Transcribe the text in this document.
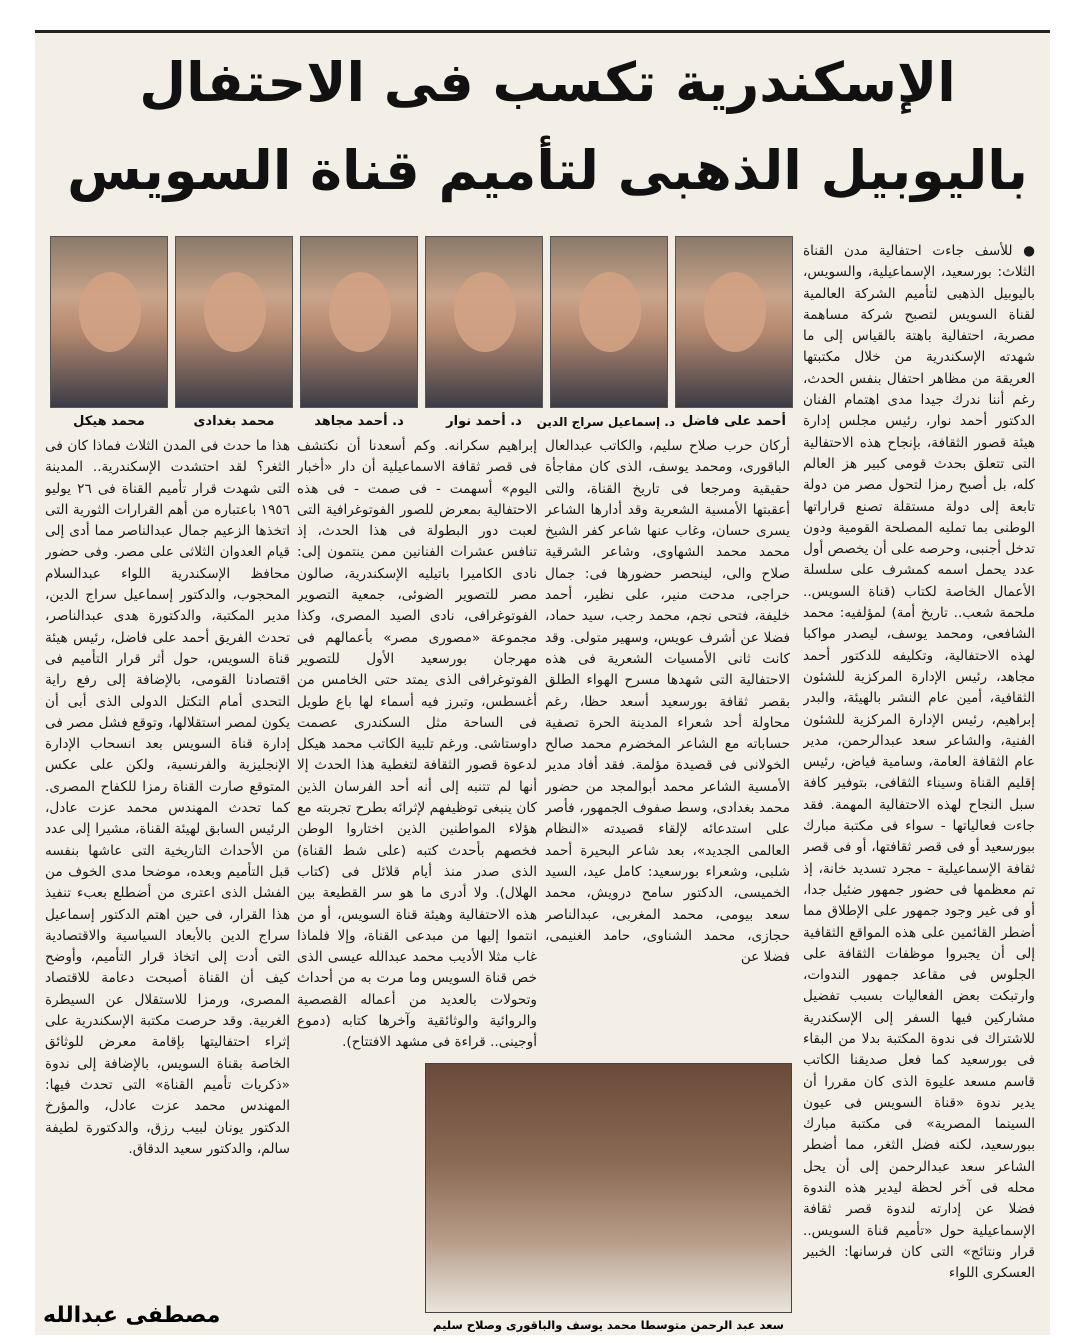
الإسكندرية تكسب فى الاحتفال
باليوبيل الذهبى لتأميم قناة السويس
أحمد على فاضل
د. إسماعيل سراج الدين
د. أحمد نوار
د. أحمد مجاهد
محمد بغدادى
محمد هيكل
● للأسف جاءت احتفالية مدن القناة الثلاث: بورسعيد، الإسماعيلية، والسويس، باليوبيل الذهبى لتأميم الشركة العالمية لقناة السويس لتصبح شركة مساهمة مصرية، احتفالية باهتة بالقياس إلى ما شهدته الإسكندرية من خلال مكتبتها العريقة من مظاهر احتفال بنفس الحدث، رغم أننا ندرك جيدا مدى اهتمام الفنان الدكتور أحمد نوار، رئيس مجلس إدارة هيئة قصور الثقافة، بإنجاح هذه الاحتفالية التى تتعلق بحدث قومى كبير هز العالم كله، بل أصبح رمزا لتحول مصر من دولة تابعة إلى دولة مستقلة تصنع قراراتها الوطنى بما تمليه المصلحة القومية ودون تدخل أجنبى، وحرصه على أن يخصص أول عدد يحمل اسمه كمشرف على سلسلة الأعمال الخاصة لكتاب (قناة السويس.. ملحمة شعب.. تاريخ أمة) لمؤلفيه: محمد الشافعى، ومحمد يوسف، ليصدر مواكبا لهذه الاحتفالية، وتكليفه للدكتور أحمد مجاهد، رئيس الإدارة المركزية للشئون الثقافية، أمين عام النشر بالهيئة، والبدر إبراهيم، رئيس الإدارة المركزية للشئون الفنية، والشاعر سعد عبدالرحمن، مدير عام الثقافة العامة، وسامية فياض، رئيس إقليم القناة وسيناء الثقافى، بتوفير كافة سبل النجاح لهذه الاحتفالية المهمة. فقد جاءت فعالياتها - سواء فى مكتبة مبارك ببورسعيد أو فى قصر ثقافتها، أو فى قصر ثقافة الإسماعيلية - مجرد تسديد خانة، إذ تم معظمها فى حضور جمهور ضئيل جدا، أو فى غير وجود جمهور على الإطلاق مما أضطر القائمين على هذه المواقع الثقافية إلى أن يجبروا موظفات الثقافة على الجلوس فى مقاعد جمهور الندوات، وارتبكت بعض الفعاليات بسبب تفضيل مشاركين فيها السفر إلى الإسكندرية للاشتراك فى ندوة المكتبة بدلا من البقاء فى بورسعيد كما فعل صديقنا الكاتب قاسم مسعد عليوة الذى كان مقررا أن يدير ندوة «قناة السويس فى عيون السينما المصرية» فى مكتبة مبارك ببورسعيد، لكنه فضل الثغر، مما أضطر الشاعر سعد عبدالرحمن إلى أن يحل محله فى آخر لحظة ليدير هذه الندوة فضلا عن إدارته لندوة قصر ثقافة الإسماعيلية حول «تأميم قناة السويس.. قرار ونتائج» التى كان فرسانها: الخبير العسكرى اللواء
أركان حرب صلاح سليم، والكاتب عبدالعال الباقورى، ومحمد يوسف، الذى كان مفاجأة حقيقية ومرجعا فى تاريخ القناة، والتى أعقبتها الأمسية الشعرية وقد أدارها الشاعر يسرى حسان، وغاب عنها شاعر كفر الشيخ محمد محمد الشهاوى، وشاعر الشرقية صلاح والى، لينحصر حضورها فى: جمال حراجى، مدحت منير، على نظير، أحمد خليفة، فتحى نجم، محمد رجب، سيد حماد، فضلا عن أشرف عويس، وسهير متولى. وقد كانت ثانى الأمسيات الشعرية فى هذه الاحتفالية التى شهدها مسرح الهواء الطلق بقصر ثقافة بورسعيد أسعد حظا، رغم محاولة أحد شعراء المدينة الحرة تصفية حساباته مع الشاعر المخضرم محمد صالح الخولانى فى قصيدة مؤلمة. فقد أفاد مدير الأمسية الشاعر محمد أبوالمجد من حضور محمد بغدادى، وسط صفوف الجمهور، فأصر على استدعائه لإلقاء قصيدته «النظام العالمى الجديد»، بعد شاعر البحيرة أحمد شلبى، وشعراء بورسعيد: كامل عيد، السيد الخميسى، الدكتور سامح درويش، محمد سعد بيومى، محمد المغربى، عبدالناصر حجازى، محمد الشناوى، حامد الغنيمى، فضلا عن
إبراهيم سكرانه. وكم أسعدنا أن نكتشف فى قصر ثقافة الاسماعيلية أن دار «أخبار اليوم» أسهمت - فى صمت - فى هذه الاحتفالية بمعرض للصور الفوتوغرافية التى لعبت دور البطولة فى هذا الحدث، إذ تنافس عشرات الفنانين ممن ينتمون إلى: نادى الكاميرا باتيليه الإسكندرية، صالون مصر للتصوير الضوئى، جمعية التصوير الفوتوغرافى، نادى الصيد المصرى، وكذا مجموعة «مصورى مصر» بأعمالهم فى مهرجان بورسعيد الأول للتصوير الفوتوغرافى الذى يمتد حتى الخامس من أغسطس، وتبرز فيه أسماء لها باع طويل فى الساحة مثل السكندرى عصمت داوستاشى. ورغم تلبية الكاتب محمد هيكل لدعوة قصور الثقافة لتغطية هذا الحدث إلا أنها لم تتنبه إلى أنه أحد الفرسان الذين كان ينبغى توظيفهم لإثرائه بطرح تجربته مع هؤلاء المواطنين الذين اختاروا الوطن فخصهم بأحدث كتبه (على شط القناة) الذى صدر منذ أيام قلائل فى (كتاب الهلال). ولا أدرى ما هو سر القطيعة بين هذه الاحتفالية وهيئة قناة السويس، أو من انتموا إليها من مبدعى القناة، وإلا فلماذا غاب مثلا الأديب محمد عبدالله عيسى الذى خص قناة السويس وما مرت به من أحداث وتحولات بالعديد من أعماله القصصية والروائية والوثائقية وآخرها كتابه (دموع أوجينى.. قراءة فى مشهد الافتتاح).
هذا ما حدث فى المدن الثلاث فماذا كان فى الثغر؟ لقد احتشدت الإسكندرية.. المدينة التى شهدت قرار تأميم القناة فى ٢٦ يوليو ١٩٥٦ باعتباره من أهم القرارات الثورية التى اتخذها الزعيم جمال عبدالناصر مما أدى إلى قيام العدوان الثلاثى على مصر. وفى حضور محافظ الإسكندرية اللواء عبدالسلام المحجوب، والدكتور إسماعيل سراج الدين، مدير المكتبة، والدكتورة هدى عبدالناصر، تحدث الفريق أحمد على فاضل، رئيس هيئة قناة السويس، حول أثر قرار التأميم فى اقتصادنا القومى، بالإضافة إلى رفع راية التحدى أمام التكتل الدولى الذى أبى أن يكون لمصر استقلالها، وتوقع فشل مصر فى إدارة قناة السويس بعد انسحاب الإدارة الإنجليزية والفرنسية، ولكن على عكس المتوقع صارت القناة رمزا للكفاح المصرى. كما تحدث المهندس محمد عزت عادل، الرئيس السابق لهيئة القناة، مشيرا إلى عدد من الأحداث التاريخية التى عاشها بنفسه قبل التأميم وبعده، موضحا مدى الخوف من الفشل الذى اعترى من أضطلع بعبء تنفيذ هذا القرار، فى حين اهتم الدكتور إسماعيل سراج الدين بالأبعاد السياسية والاقتصادية التى أدت إلى اتخاذ قرار التأميم، وأوضح كيف أن القناة أصبحت دعامة للاقتصاد المصرى، ورمزا للاستقلال عن السيطرة الغربية. وقد حرصت مكتبة الإسكندرية على إثراء احتفاليتها بإقامة معرض للوثائق الخاصة بقناة السويس، بالإضافة إلى ندوة «ذكريات تأميم القناة» التى تحدث فيها: المهندس محمد عزت عادل، والمؤرخ الدكتور يونان لبيب رزق، والدكتورة لطيفة سالم، والدكتور سعيد الدقاق.
سعد عبد الرحمن متوسطا محمد يوسف والباقورى وصلاح سليم
مصطفى عبدالله
